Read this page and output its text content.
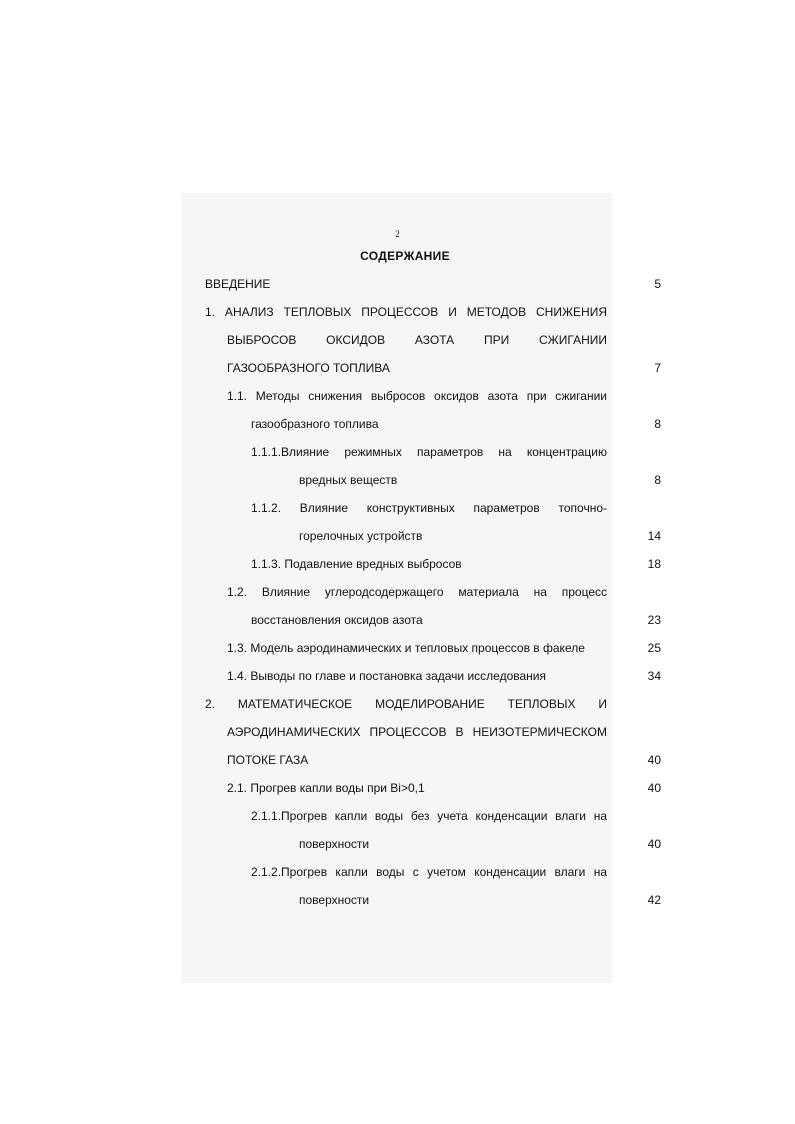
2
СОДЕРЖАНИЕ
ВВЕДЕНИЕ	5
1. АНАЛИЗ ТЕПЛОВЫХ ПРОЦЕССОВ И МЕТОДОВ СНИЖЕНИЯ
ВЫБРОСОВ ОКСИДОВ АЗОТА ПРИ СЖИГАНИИ
ГАЗООБРАЗНОГО ТОПЛИВА	7
1.1. Методы снижения выбросов оксидов азота при сжигании
газообразного топлива	8
1.1.1.Влияние режимных параметров на концентрацию
вредных веществ	8
1.1.2. Влияние конструктивных параметров топочно-
горелочных устройств	14
1.1.3. Подавление вредных выбросов	18
1.2. Влияние углеродсодержащего материала на процесс
восстановления оксидов азота	23
1.3. Модель аэродинамических и тепловых процессов в факеле	25
1.4. Выводы по главе и постановка задачи исследования	34
2. МАТЕМАТИЧЕСКОЕ МОДЕЛИРОВАНИЕ ТЕПЛОВЫХ И
АЭРОДИНАМИЧЕСКИХ ПРОЦЕССОВ В НЕИЗОТЕРМИЧЕСКОМ
ПОТОКЕ ГАЗА	40
2.1. Прогрев капли воды при Bi>0,1	40
2.1.1.Прогрев капли воды без учета конденсации влаги на
поверхности	40
2.1.2.Прогрев капли воды с учетом конденсации влаги на
поверхности	42
